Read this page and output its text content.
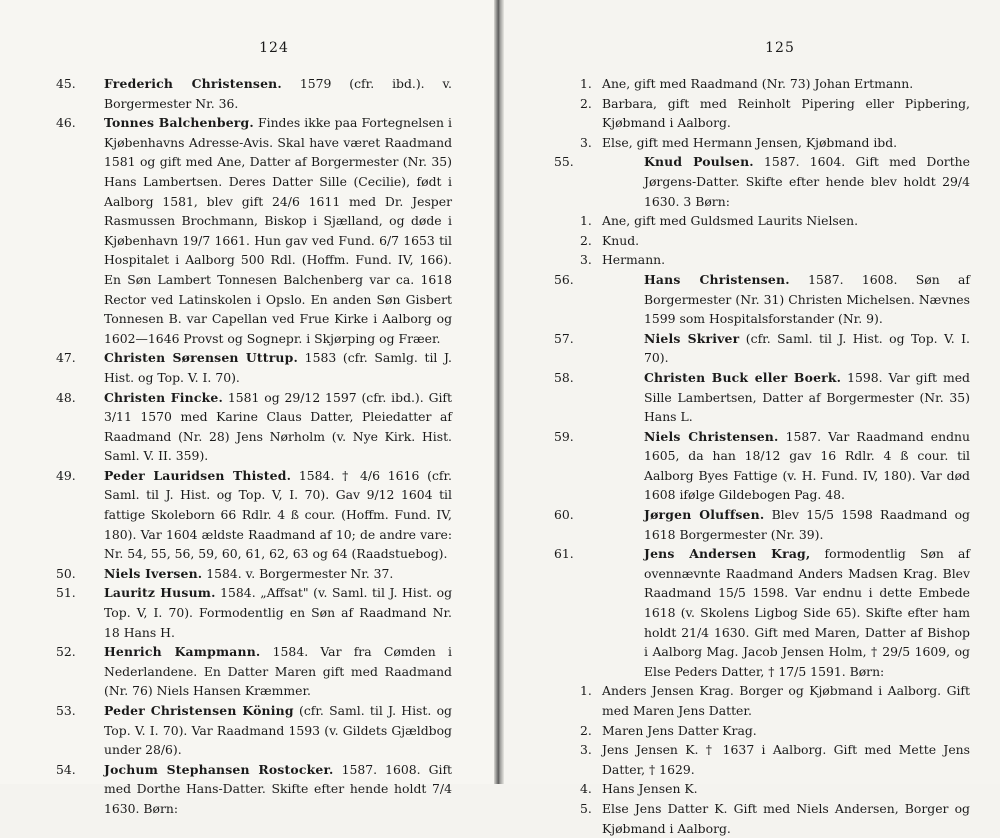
124
45.	Frederich Christensen. 1579 (cfr. ibd.). v. Borgermester Nr. 36.
46.	Tonnes Balchenberg. Findes ikke paa Fortegnelsen i Kjøbenhavns Adresse-Avis. Skal have været Raadmand 1581 og gift med Ane, Datter af Borgermester (Nr. 35) Hans Lambertsen. Deres Datter Sille (Cecilie), født i Aalborg 1581, blev gift 24/6 1611 med Dr. Jesper Rasmussen Brochmann, Biskop i Sjælland, og døde i Kjøbenhavn 19/7 1661. Hun gav ved Fund. 6/7 1653 til Hospitalet i Aalborg 500 Rdl. (Hoffm. Fund. IV, 166). En Søn Lambert Tonnesen Balchenberg var ca. 1618 Rector ved Latinskolen i Opslo. En anden Søn Gisbert Tonnesen B. var Capellan ved Frue Kirke i Aalborg og 1602—1646 Provst og Sognepr. i Skjørping og Fræer.
47.	Christen Sørensen Uttrup. 1583 (cfr. Samlg. til J. Hist. og Top. V. I. 70).
48.	Christen Fincke. 1581 og 29/12 1597 (cfr. ibd.). Gift 3/11 1570 med Karine Claus Datter, Pleiedatter af Raadmand (Nr. 28) Jens Nørholm (v. Nye Kirk. Hist. Saml. V. II. 359).
49.	Peder Lauridsen Thisted. 1584. † 4/6 1616 (cfr. Saml. til J. Hist. og Top. V, I. 70). Gav 9/12 1604 til fattige Skoleborn 66 Rdlr. 4 ß cour. (Hoffm. Fund. IV, 180). Var 1604 ældste Raadmand af 10; de andre vare: Nr. 54, 55, 56, 59, 60, 61, 62, 63 og 64 (Raadstuebog).
50.	Niels Iversen. 1584. v. Borgermester Nr. 37.
51.	Lauritz Husum. 1584. „Affsat" (v. Saml. til J. Hist. og Top. V, I. 70). Formodentlig en Søn af Raadmand Nr. 18 Hans H.
52.	Henrich Kampmann. 1584. Var fra Cømden i Nederlandene. En Datter Maren gift med Raadmand (Nr. 76) Niels Hansen Kræmmer.
53.	Peder Christensen Köning (cfr. Saml. til J. Hist. og Top. V. I. 70). Var Raadmand 1593 (v. Gildets Gjældbog under 28/6).
54.	Jochum Stephansen Rostocker. 1587. 1608. Gift med Dorthe Hans-Datter. Skifte efter hende holdt 7/4 1630. Børn:
125
1. Ane, gift med Raadmand (Nr. 73) Johan Ertmann.
2. Barbara, gift med Reinholt Pipering eller Pipbering, Kjøbmand i Aalborg.
3. Else, gift med Hermann Jensen, Kjøbmand ibd.
55.	Knud Poulsen. 1587. 1604. Gift med Dorthe Jørgens-Datter. Skifte efter hende blev holdt 29/4 1630. 3 Børn:
1. Ane, gift med Guldsmed Laurits Nielsen.
2. Knud.
3. Hermann.
56.	Hans Christensen. 1587. 1608. Søn af Borgermester (Nr. 31) Christen Michelsen. Nævnes 1599 som Hospitalsforstander (Nr. 9).
57.	Niels Skriver (cfr. Saml. til J. Hist. og Top. V. I. 70).
58.	Christen Buck eller Boerk. 1598. Var gift med Sille Lambertsen, Datter af Borgermester (Nr. 35) Hans L.
59.	Niels Christensen. 1587. Var Raadmand endnu 1605, da han 18/12 gav 16 Rdlr. 4 ß cour. til Aalborg Byes Fattige (v. H. Fund. IV, 180). Var død 1608 ifølge Gildebogen Pag. 48.
60.	Jørgen Oluffsen. Blev 15/5 1598 Raadmand og 1618 Borgermester (Nr. 39).
61.	Jens Andersen Krag, formodentlig Søn af ovennævnte Raadmand Anders Madsen Krag. Blev Raadmand 15/5 1598. Var endnu i dette Embede 1618 (v. Skolens Ligbog Side 65). Skifte efter ham holdt 21/4 1630. Gift med Maren, Datter af Bishop i Aalborg Mag. Jacob Jensen Holm, † 29/5 1609, og Else Peders Datter, † 17/5 1591. Børn:
1. Anders Jensen Krag. Borger og Kjøbmand i Aalborg. Gift med Maren Jens Datter.
2. Maren Jens Datter Krag.
3. Jens Jensen K. † 1637 i Aalborg. Gift med Mette Jens Datter, † 1629.
4. Hans Jensen K.
5. Else Jens Datter K. Gift med Niels Andersen, Borger og Kjøbmand i Aalborg.
